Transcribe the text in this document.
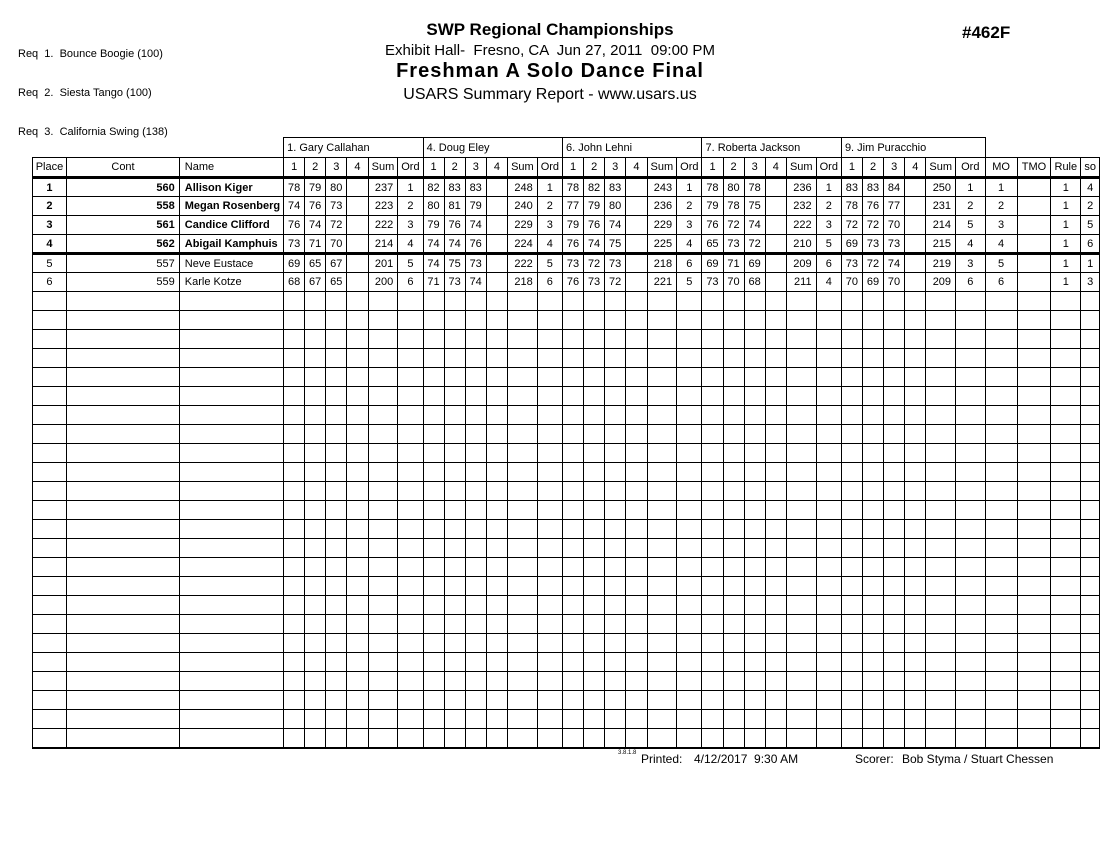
Req  1.  Bounce Boogie (100)

Req  2.  Siesta Tango (100)

Req  3.  California Swing (138)

#462F
SWP Regional Championships
Exhibit Hall-  Fresno, CA  Jun 27, 2011  09:00 PM
Freshman A Solo Dance Final
USARS Summary Report - www.usars.us
			1. Gary Callahan						4. Doug Eley						6. John Lehni						7. Roberta Jackson						9. Jim Puracchio									
Place	Cont	Name	1	2	3	4	Sum	Ord	1	2	3	4	Sum	Ord	1	2	3	4	Sum	Ord	1	2	3	4	Sum	Ord	1	2	3	4	Sum	Ord	MO	TMO	Rule	so
1	560	Allison Kiger	78	79	80		237	1	82	83	83		248	1	78	82	83		243	1	78	80	78		236	1	83	83	84		250	1	1		1	4
2	558	Megan Rosenberg	74	76	73		223	2	80	81	79		240	2	77	79	80		236	2	79	78	75		232	2	78	76	77		231	2	2		1	2
3	561	Candice Clifford	76	74	72		222	3	79	76	74		229	3	79	76	74		229	3	76	72	74		222	3	72	72	70		214	5	3		1	5
4	562	Abigail Kamphuis	73	71	70		214	4	74	74	76		224	4	76	74	75		225	4	65	73	72		210	5	69	73	73		215	4	4		1	6
5	557	Neve Eustace	69	65	67		201	5	74	75	73		222	5	73	72	73		218	6	69	71	69		209	6	73	72	74		219	3	5		1	1
6	559	Karle Kotze	68	67	65		200	6	71	73	74		218	6	76	73	72		221	5	73	70	68		211	4	70	69	70		209	6	6		1	3

3.8.1.8 Printed: 4/12/2017  9:30 AM	Scorer: Bob Styma / Stuart Chessen
